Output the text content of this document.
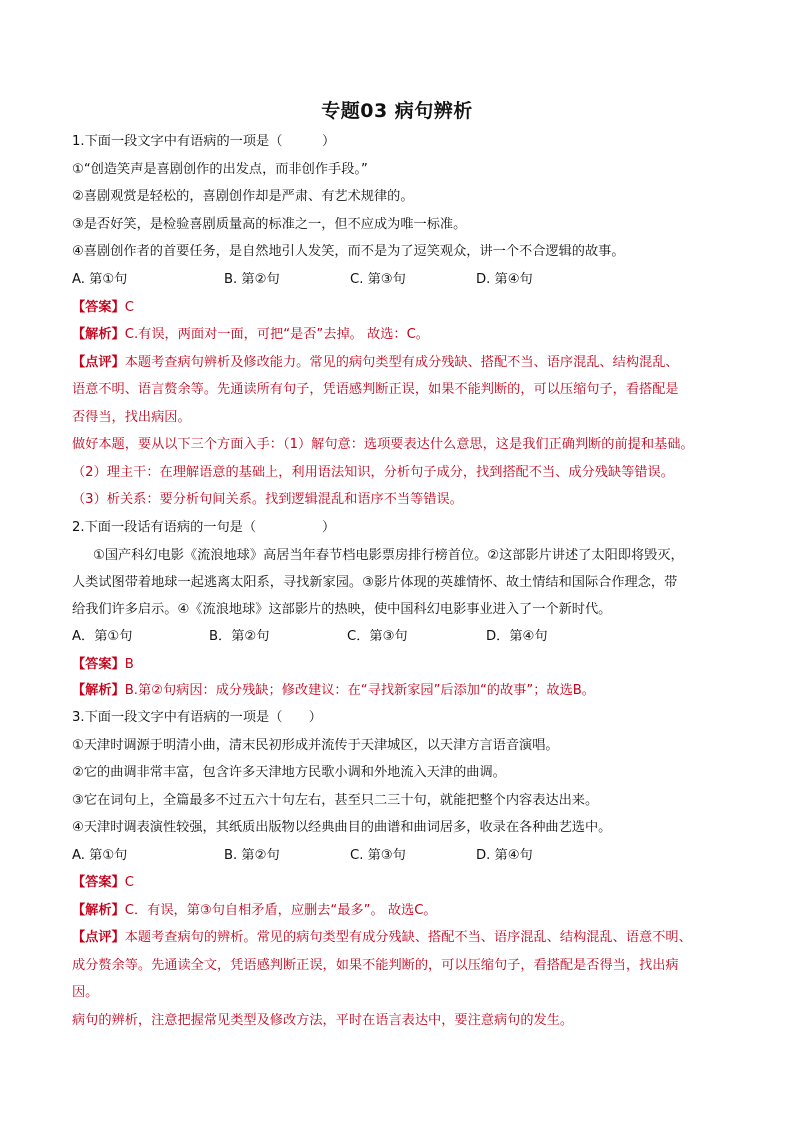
专题03 病句辨析
1.下面一段文字中有语病的一项是（　　　）
①“创造笑声是喜剧创作的出发点，而非创作手段。”
②喜剧观赏是轻松的，喜剧创作却是严肃、有艺术规律的。
③是否好笑，是检验喜剧质量高的标准之一，但不应成为唯一标准。
④喜剧创作者的首要任务，是自然地引人发笑，而不是为了逗笑观众，讲一个不合逻辑的故事。
A. 第①句	B. 第②句	C. 第③句	D. 第④句
【答案】C
【解析】C.有误，两面对一面，可把“是否”去掉。 故选：C。
【点评】本题考查病句辨析及修改能力。常见的病句类型有成分残缺、搭配不当、语序混乱、结构混乱、
语意不明、语言赘余等。先通读所有句子，凭语感判断正误，如果不能判断的，可以压缩句子，看搭配是
否得当，找出病因。
做好本题，要从以下三个方面入手：（1）解句意：选项要表达什么意思，这是我们正确判断的前提和基础。
（2）理主干：在理解语意的基础上，利用语法知识，分析句子成分，找到搭配不当、成分残缺等错误。
（3）析关系：要分析句间关系。找到逻辑混乱和语序不当等错误。
2.下面一段话有语病的一句是（　　　　　）
①国产科幻电影《流浪地球》高居当年春节档电影票房排行榜首位。②这部影片讲述了太阳即将毁灭，
人类试图带着地球一起逃离太阳系，寻找新家园。③影片体现的英雄情怀、故土情结和国际合作理念，带
给我们许多启示。④《流浪地球》这部影片的热映，使中国科幻电影事业进入了一个新时代。
A．第①句	B．第②句	C．第③句	D．第④句
【答案】B
【解析】B.第②句病因：成分残缺；修改建议：在“寻找新家园”后添加“的故事”；故选B。
3.下面一段文字中有语病的一项是（　　）
①天津时调源于明清小曲，清末民初形成并流传于天津城区，以天津方言语音演唱。
②它的曲调非常丰富，包含许多天津地方民歌小调和外地流入天津的曲调。
③它在词句上，全篇最多不过五六十句左右，甚至只二三十句，就能把整个内容表达出来。
④天津时调表演性较强，其纸质出版物以经典曲目的曲谱和曲词居多，收录在各种曲艺选中。
A. 第①句	B. 第②句	C. 第③句	D. 第④句
【答案】C
【解析】C．有误，第③句自相矛盾，应删去“最多”。 故选C。
【点评】本题考查病句的辨析。常见的病句类型有成分残缺、搭配不当、语序混乱、结构混乱、语意不明、
成分赘余等。先通读全文，凭语感判断正误，如果不能判断的，可以压缩句子，看搭配是否得当，找出病
因。
病句的辨析，注意把握常见类型及修改方法，平时在语言表达中，要注意病句的发生。
